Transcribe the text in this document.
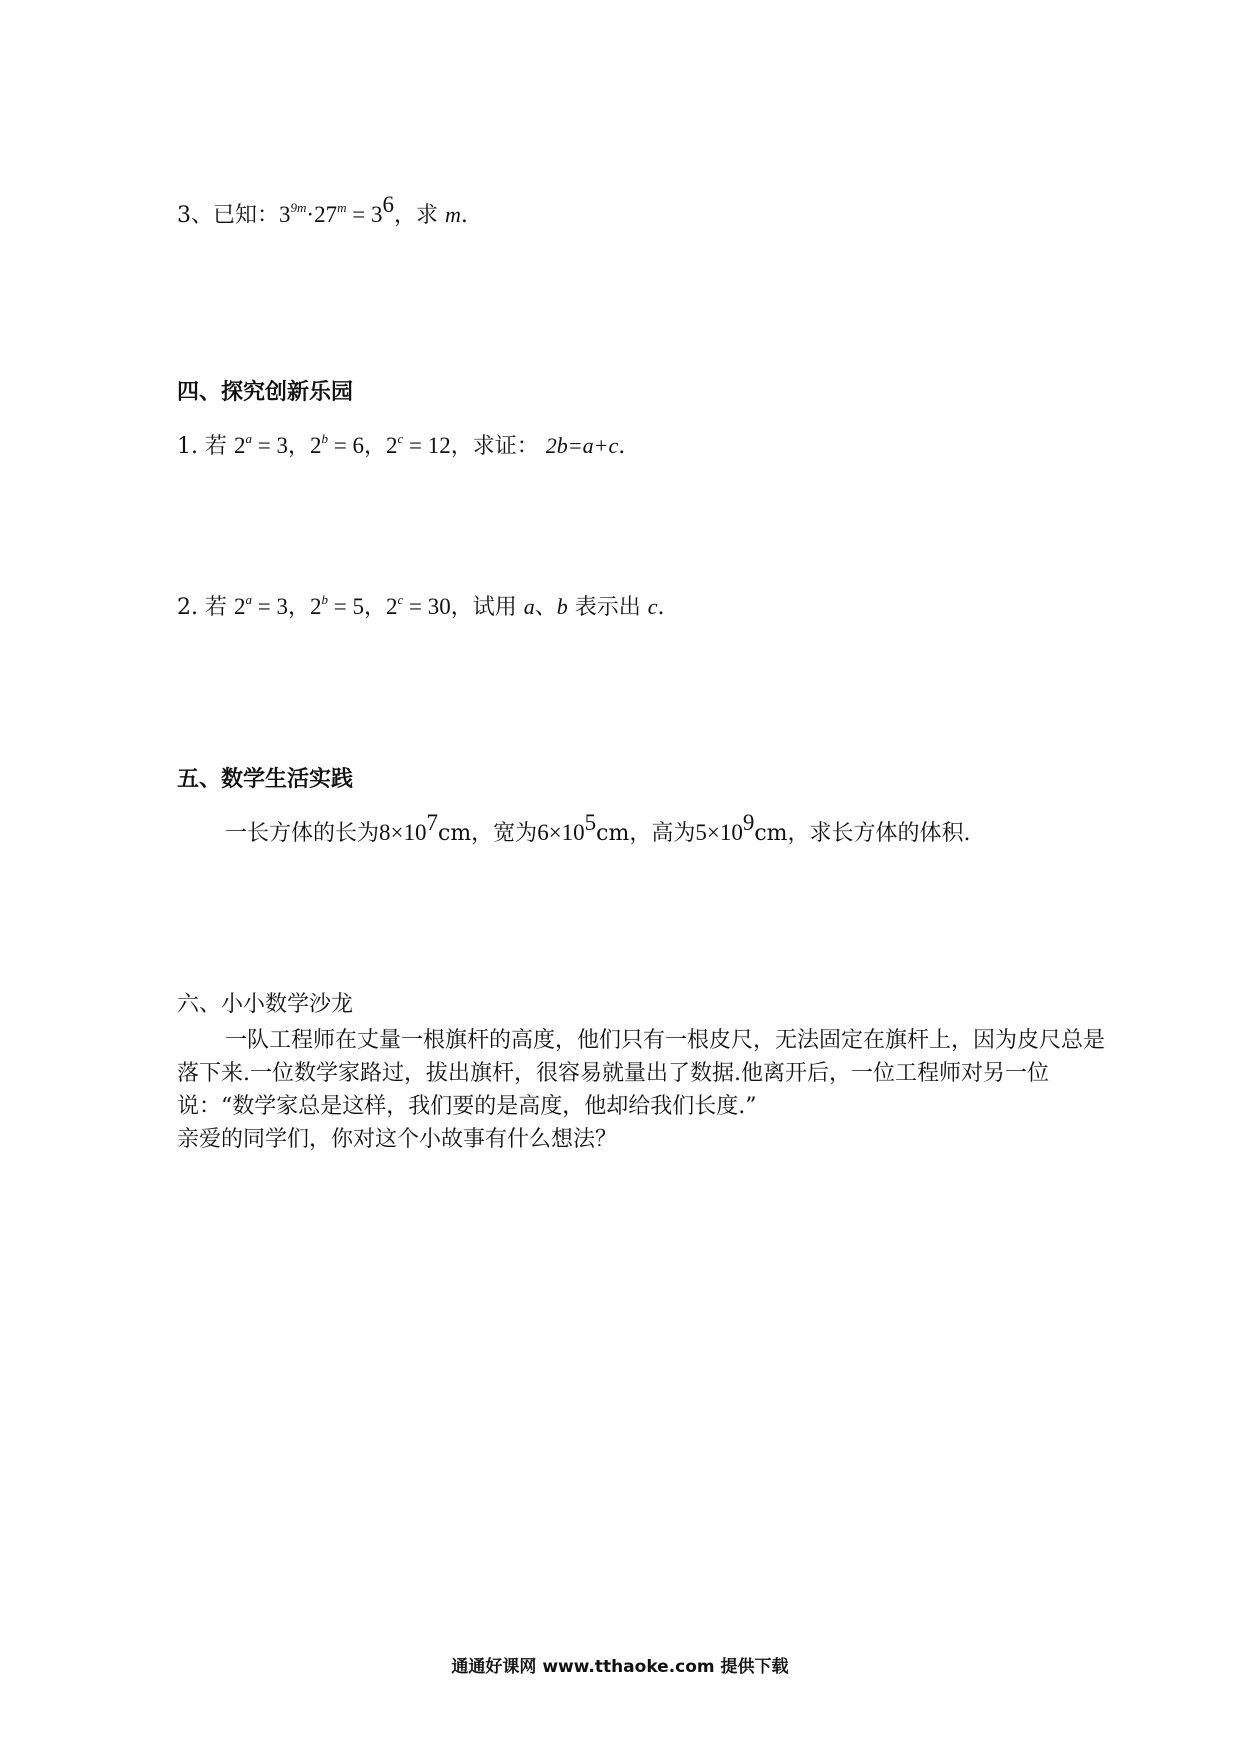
3、已知：$3^{9m}\cdot 27^m = 3^6$，求 m.
四、探究创新乐园
1. 若 $2^a = 3$，$2^b = 6$，$2^c = 12$，求证： 2b=a+c.
2. 若 $2^a = 3$，$2^b = 5$，$2^c = 30$，试用 a、b 表示出 c.
五、数学生活实践
一长方体的长为$8\times 10^7cm$，宽为$6\times 10^5cm$，高为$5\times 10^9cm$，求长方体的体积.
六、小小数学沙龙
一队工程师在丈量一根旗杆的高度，他们只有一根皮尺，无法固定在旗杆上，因为皮尺总是落下来.一位数学家路过，拔出旗杆，很容易就量出了数据.他离开后，一位工程师对另一位说：“数学家总是这样，我们要的是高度，他却给我们长度.”
亲爱的同学们，你对这个小故事有什么想法？
通通好课网 www.tthaoke.com 提供下载
